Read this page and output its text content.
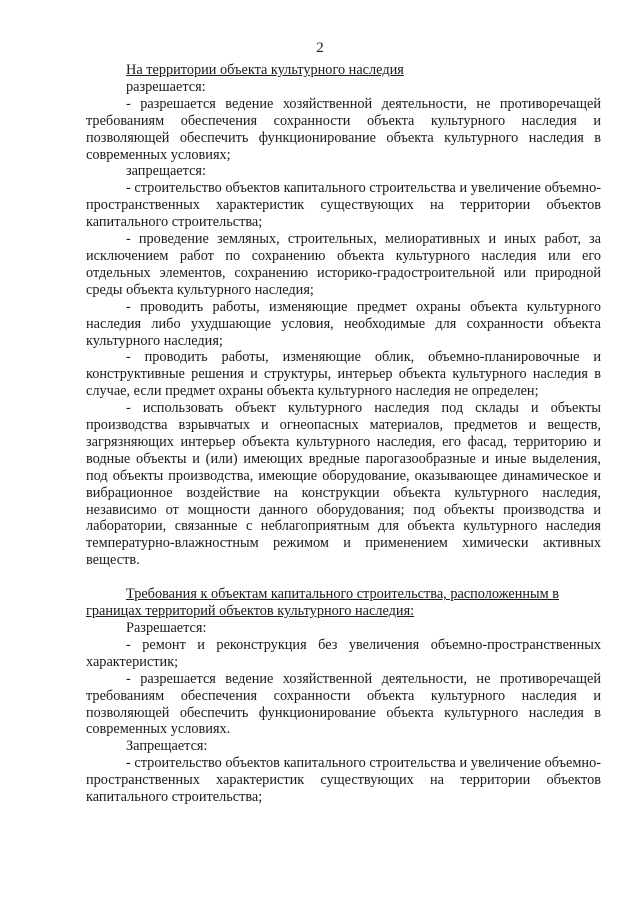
2

На территории объекта культурного наследия

разрешается:

- разрешается ведение хозяйственной деятельности, не противоречащей требованиям обеспечения сохранности объекта культурного наследия и позволяющей обеспечить функционирование объекта культурного наследия в современных условиях;

запрещается:

- строительство объектов капитального строительства и увеличение объемно-пространственных характеристик существующих на территории объектов капитального строительства;

- проведение земляных, строительных, мелиоративных и иных работ, за исключением работ по сохранению объекта культурного наследия или его отдельных элементов, сохранению историко-градостроительной или природной среды объекта культурного наследия;

- проводить работы, изменяющие предмет охраны объекта культурного наследия либо ухудшающие условия, необходимые для сохранности объекта культурного наследия;

- проводить работы, изменяющие облик, объемно-планировочные и конструктивные решения и структуры, интерьер объекта культурного наследия в случае, если предмет охраны объекта культурного наследия не определен;

- использовать объект культурного наследия под склады и объекты производства взрывчатых и огнеопасных материалов, предметов и веществ, загрязняющих интерьер объекта культурного наследия, его фасад, территорию и водные объекты и (или) имеющих вредные парогазообразные и иные выделения, под объекты производства, имеющие оборудование, оказывающее динамическое и вибрационное воздействие на конструкции объекта культурного наследия, независимо от мощности данного оборудования; под объекты производства и лаборатории, связанные с неблагоприятным для объекта культурного наследия температурно-влажностным режимом и применением химически активных веществ.

Требования к объектам капитального строительства, расположенным в границах территорий объектов культурного наследия:

Разрешается:

- ремонт и реконструкция без увеличения объемно-пространственных характеристик;

- разрешается ведение хозяйственной деятельности, не противоречащей требованиям обеспечения сохранности объекта культурного наследия и позволяющей обеспечить функционирование объекта культурного наследия в современных условиях.

Запрещается:

- строительство объектов капитального строительства и увеличение объемно-пространственных характеристик существующих на территории объектов капитального строительства;
